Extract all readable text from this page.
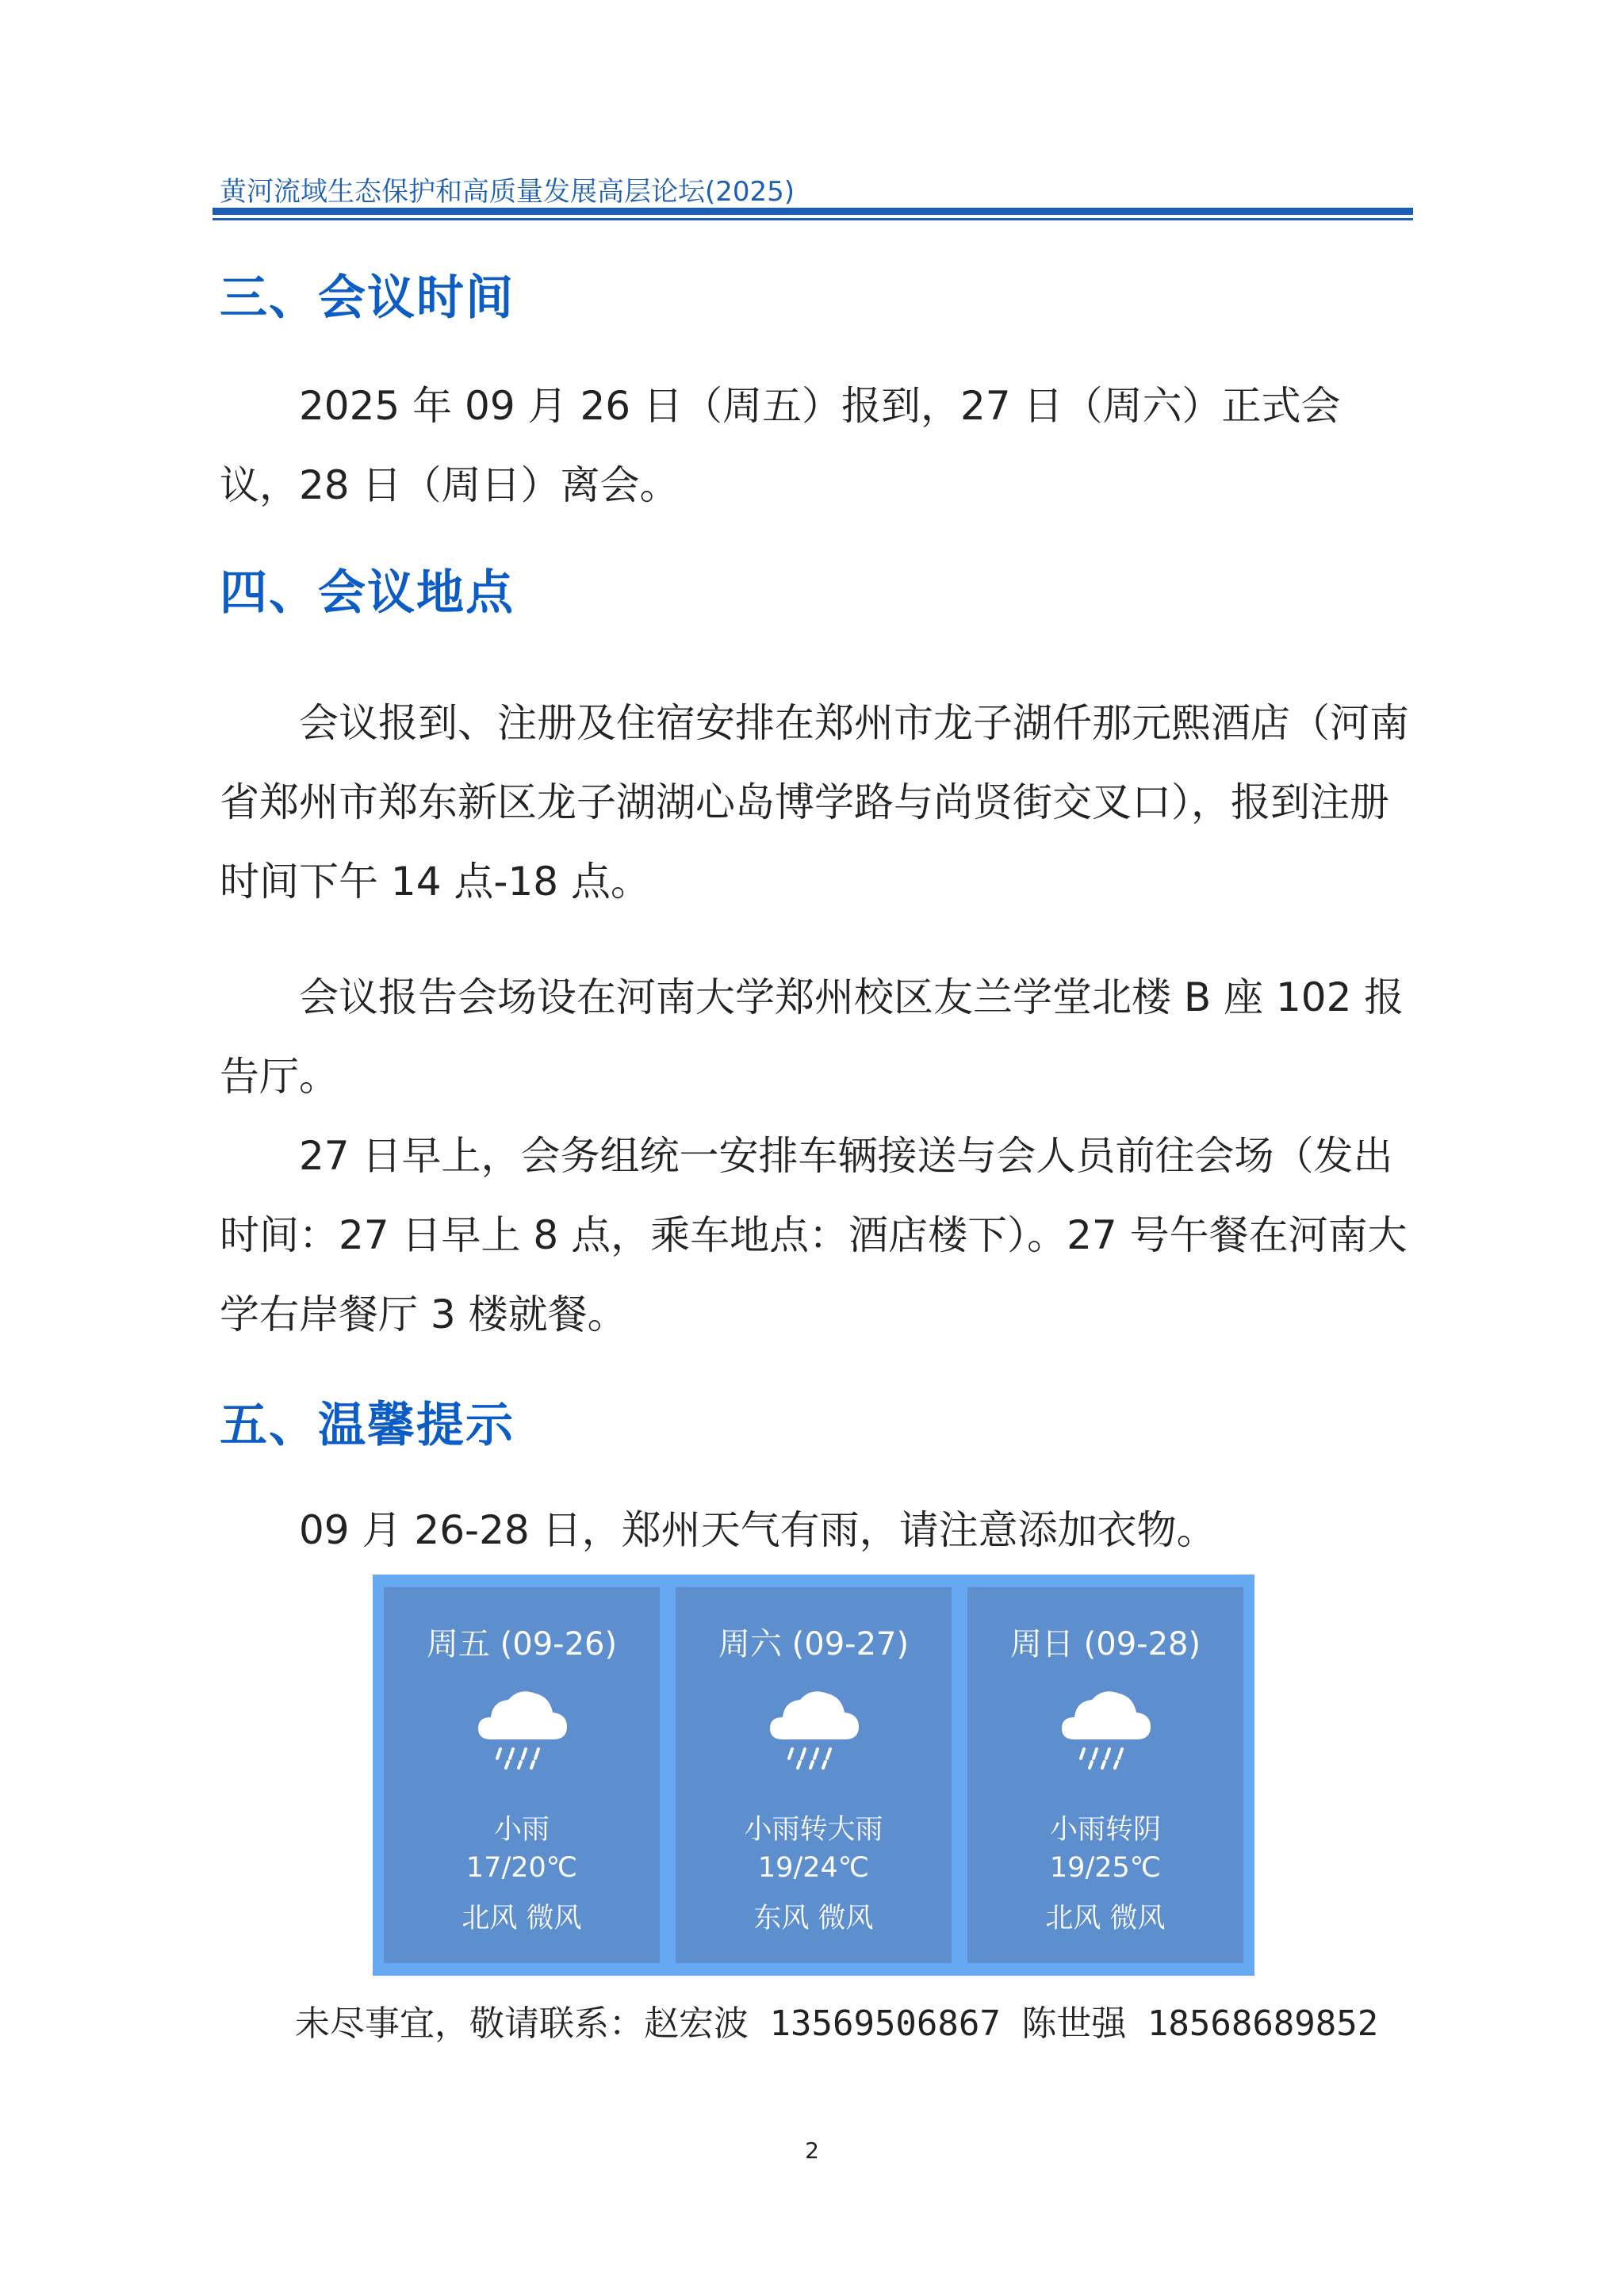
黄河流域生态保护和高质量发展高层论坛(2025)
三、会议时间

2025 年 09 月 26 日（周五）报到，27 日（周六）正式会议，28 日（周日）离会。

四、会议地点

会议报到、注册及住宿安排在郑州市龙子湖仟那元熙酒店（河南省郑州市郑东新区龙子湖湖心岛博学路与尚贤街交叉口），报到注册时间下午 14 点-18 点。

会议报告会场设在河南大学郑州校区友兰学堂北楼 B 座 102 报告厅。

27 日早上，会务组统一安排车辆接送与会人员前往会场（发出时间：27 日早上 8 点，乘车地点：酒店楼下）。27 号午餐在河南大学右岸餐厅 3 楼就餐。

五、温馨提示

09 月 26-28 日，郑州天气有雨，请注意添加衣物。

周五 (09-26)
小雨
17/20℃
北风 微风
周六 (09-27)
小雨转大雨
19/24℃
东风 微风
周日 (09-28)
小雨转阴
19/25℃
北风 微风
未尽事宜，敬请联系：赵宏波 13569506867 陈世强 18568689852
2
